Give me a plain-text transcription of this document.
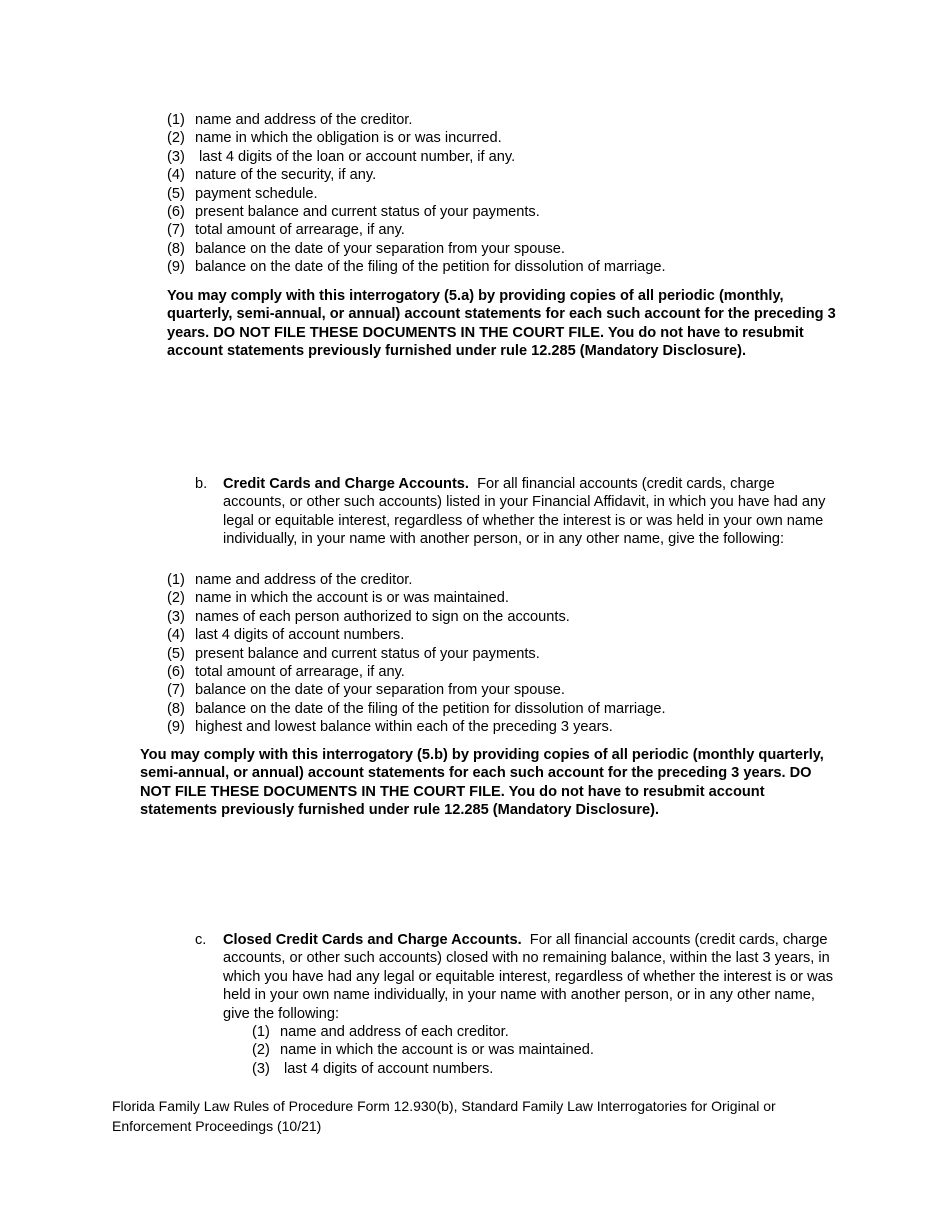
(1) name and address of the creditor.
(2) name in which the obligation is or was incurred.
(3) last 4 digits of the loan or account number, if any.
(4) nature of the security, if any.
(5) payment schedule.
(6) present balance and current status of your payments.
(7) total amount of arrearage, if any.
(8) balance on the date of your separation from your spouse.
(9) balance on the date of the filing of the petition for dissolution of marriage.

You may comply with this interrogatory (5.a) by providing copies of all periodic (monthly, quarterly, semi-annual, or annual) account statements for each such account for the preceding 3 years. DO NOT FILE THESE DOCUMENTS IN THE COURT FILE. You do not have to resubmit account statements previously furnished under rule 12.285 (Mandatory Disclosure).

b. Credit Cards and Charge Accounts.  For all financial accounts (credit cards, charge accounts, or other such accounts) listed in your Financial Affidavit, in which you have had any legal or equitable interest, regardless of whether the interest is or was held in your own name individually, in your name with another person, or in any other name, give the following:
(1) name and address of the creditor.
(2) name in which the account is or was maintained.
(3) names of each person authorized to sign on the accounts.
(4) last 4 digits of account numbers.
(5) present balance and current status of your payments.
(6) total amount of arrearage, if any.
(7) balance on the date of your separation from your spouse.
(8) balance on the date of the filing of the petition for dissolution of marriage.
(9) highest and lowest balance within each of the preceding 3 years.

You may comply with this interrogatory (5.b) by providing copies of all periodic (monthly quarterly, semi-annual, or annual) account statements for each such account for the preceding 3 years. DO NOT FILE THESE DOCUMENTS IN THE COURT FILE. You do not have to resubmit account statements previously furnished under rule 12.285 (Mandatory Disclosure).

c. Closed Credit Cards and Charge Accounts.  For all financial accounts (credit cards, charge accounts, or other such accounts) closed with no remaining balance, within the last 3 years, in which you have had any legal or equitable interest, regardless of whether the interest is or was held in your own name individually, in your name with another person, or in any other name, give the following:
(1) name and address of each creditor.
(2) name in which the account is or was maintained.
(3) last 4 digits of account numbers.
Florida Family Law Rules of Procedure Form 12.930(b), Standard Family Law Interrogatories for Original or Enforcement Proceedings (10/21)
